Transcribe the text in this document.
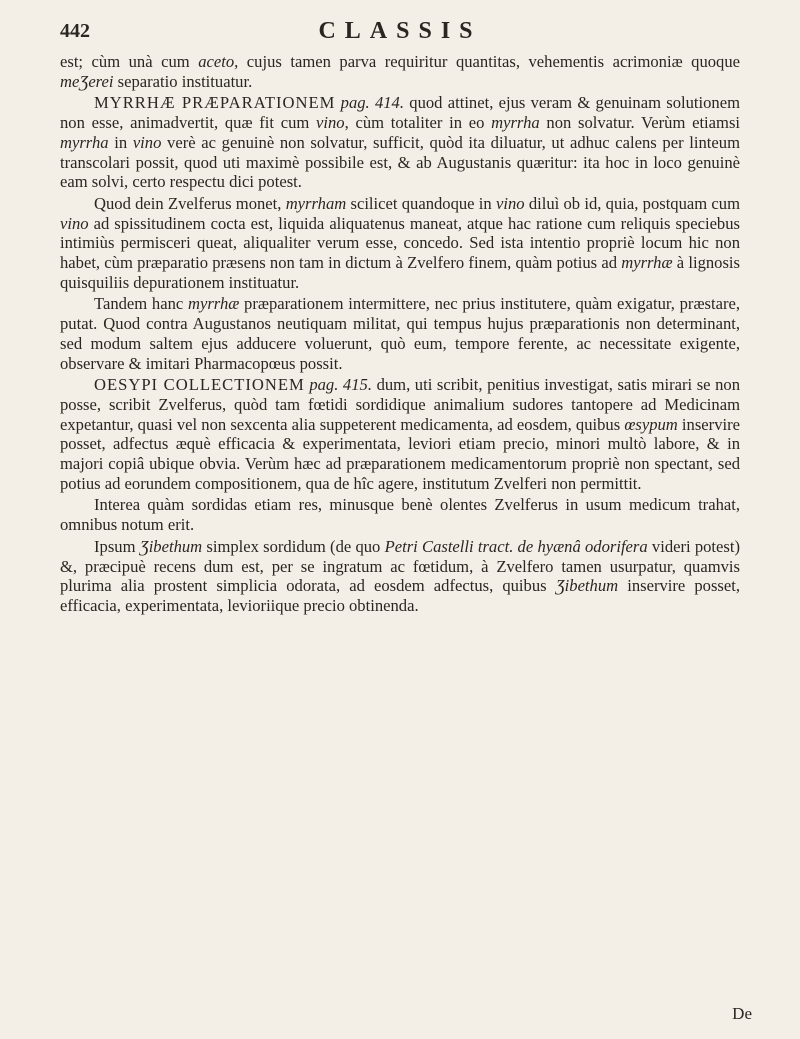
442	CLASSIS

est; cùm unà cum aceto, cujus tamen parva requiritur quantitas, vehementis acrimoniæ quoque meƷerei separatio instituatur.

MYRRHÆ PRÆPARATIONEM pag. 414. quod attinet, ejus veram & genuinam solutionem non esse, animadvertit, quæ fit cum vino, cùm totaliter in eo myrrha non solvatur. Verùm etiamsi myrrha in vino verè ac genuinè non solvatur, sufficit, quòd ita diluatur, ut adhuc calens per linteum transcolari possit, quod uti maximè possibile est, & ab Augustanis quæritur: ita hoc in loco genuinè eam solvi, certo respectu dici potest.

Quod dein Zvelferus monet, myrrham scilicet quandoque in vino diluì ob id, quia, postquam cum vino ad spissitudinem cocta est, liquida aliquatenus maneat, atque hac ratione cum reliquis speciebus intimiùs permisceri queat, aliqualiter verum esse, concedo. Sed ista intentio propriè locum hic non habet, cùm præparatio præsens non tam in dictum à Zvelfero finem, quàm potius ad myrrhæ à lignosis quisquiliis depurationem instituatur.

Tandem hanc myrrhæ præparationem intermittere, nec prius institutere, quàm exigatur, præstare, putat. Quod contra Augustanos neutiquam militat, qui tempus hujus præparationis non determinant, sed modum saltem ejus adducere voluerunt, quò eum, tempore ferente, ac necessitate exigente, observare & imitari Pharmacopœus possit.

OESYPI COLLECTIONEM pag. 415. dum, uti scribit, penitius investigat, satis mirari se non posse, scribit Zvelferus, quòd tam fœtidi sordidique animalium sudores tantopere ad Medicinam expetantur, quasi vel non sexcenta alia suppeterent medicamenta, ad eosdem, quibus œsypum inservire posset, adfectus æquè efficacia & experimentata, leviori etiam precio, minori multò labore, & in majori copiâ ubique obvia. Verùm hæc ad præparationem medicamentorum propriè non spectant, sed potius ad eorundem compositionem, qua de hîc agere, institutum Zvelferi non permittit.

Interea quàm sordidas etiam res, minusque benè olentes Zvelferus in usum medicum trahat, omnibus notum erit.

Ipsum Ʒibethum simplex sordidum (de quo Petri Castelli tract. de hyænâ odorifera videri potest) &, præcipuè recens dum est, per se ingratum ac fœtidum, à Zvelfero tamen usurpatur, quamvis plurima alia prostent simplicia odorata, ad eosdem adfectus, quibus Ʒibethum inservire posset, efficacia, experimentata, levioriique precio obtinenda.

De
